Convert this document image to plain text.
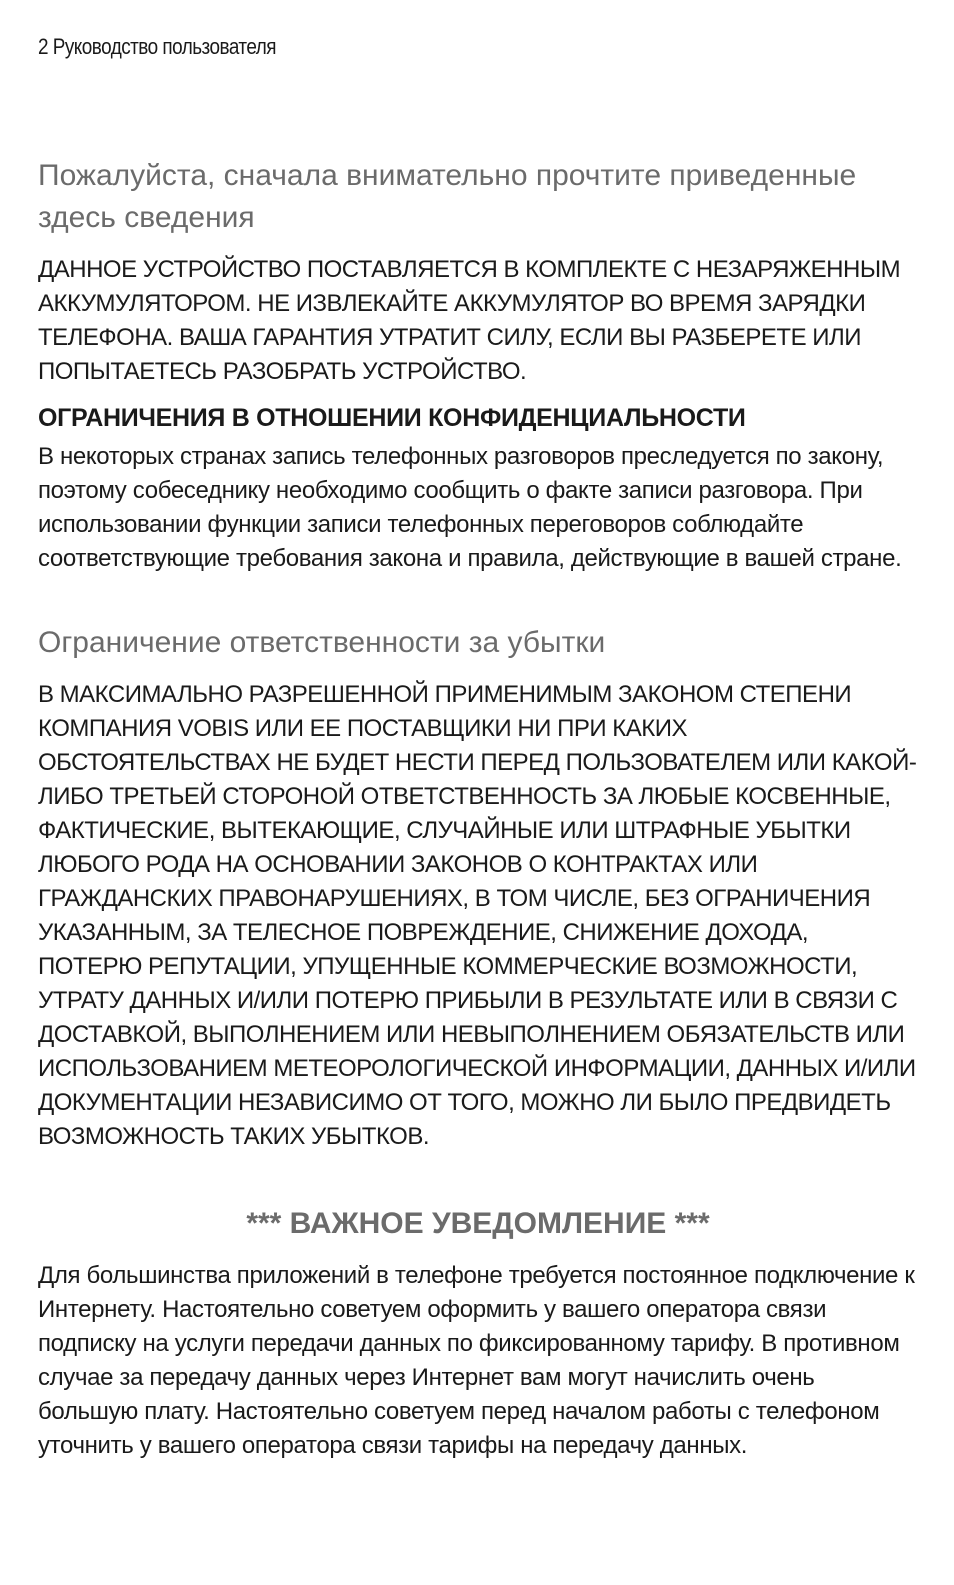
2 Руководство пользователя
Пожалуйста, сначала внимательно прочтите приведенные здесь сведения

ДАННОЕ УСТРОЙСТВО ПОСТАВЛЯЕТСЯ В КОМПЛЕКТЕ С НЕЗАРЯЖЕННЫМ АККУМУЛЯТОРОМ. НЕ ИЗВЛЕКАЙТЕ АККУМУЛЯТОР ВО ВРЕМЯ ЗАРЯДКИ ТЕЛЕФОНА. ВАША ГАРАНТИЯ УТРАТИТ СИЛУ, ЕСЛИ ВЫ РАЗБЕРЕТЕ ИЛИ ПОПЫТАЕТЕСЬ РАЗОБРАТЬ УСТРОЙСТВО.

ОГРАНИЧЕНИЯ В ОТНОШЕНИИ КОНФИДЕНЦИАЛЬНОСТИ

В некоторых странах запись телефонных разговоров преследуется по закону, поэтому собеседнику необходимо сообщить о факте записи разговора. При использовании функции записи телефонных переговоров соблюдайте соответствующие требования закона и правила, действующие в вашей стране.

Ограничение ответственности за убытки

В МАКСИМАЛЬНО РАЗРЕШЕННОЙ ПРИМЕНИМЫМ ЗАКОНОМ СТЕПЕНИ КОМПАНИЯ VOBIS ИЛИ ЕЕ ПОСТАВЩИКИ НИ ПРИ КАКИХ ОБСТОЯТЕЛЬСТВАХ НЕ БУДЕТ НЕСТИ ПЕРЕД ПОЛЬЗОВАТЕЛЕМ ИЛИ КАКОЙ-ЛИБО ТРЕТЬЕЙ СТОРОНОЙ ОТВЕТСТВЕННОСТЬ ЗА ЛЮБЫЕ КОСВЕННЫЕ, ФАКТИЧЕСКИЕ, ВЫТЕКАЮЩИЕ, СЛУЧАЙНЫЕ ИЛИ ШТРАФНЫЕ УБЫТКИ ЛЮБОГО РОДА НА ОСНОВАНИИ ЗАКОНОВ О КОНТРАКТАХ ИЛИ ГРАЖДАНСКИХ ПРАВОНАРУШЕНИЯХ, В ТОМ ЧИСЛЕ, БЕЗ ОГРАНИЧЕНИЯ УКАЗАННЫМ, ЗА ТЕЛЕСНОЕ ПОВРЕЖДЕНИЕ, СНИЖЕНИЕ ДОХОДА, ПОТЕРЮ РЕПУТАЦИИ, УПУЩЕННЫЕ КОММЕРЧЕСКИЕ ВОЗМОЖНОСТИ, УТРАТУ ДАННЫХ И/ИЛИ ПОТЕРЮ ПРИБЫЛИ В РЕЗУЛЬТАТЕ ИЛИ В СВЯЗИ С ДОСТАВКОЙ, ВЫПОЛНЕНИЕМ ИЛИ НЕВЫПОЛНЕНИЕМ ОБЯЗАТЕЛЬСТВ ИЛИ ИСПОЛЬЗОВАНИЕМ МЕТЕОРОЛОГИЧЕСКОЙ ИНФОРМАЦИИ, ДАННЫХ И/ИЛИ ДОКУМЕНТАЦИИ НЕЗАВИСИМО ОТ ТОГО, МОЖНО ЛИ БЫЛО ПРЕДВИДЕТЬ ВОЗМОЖНОСТЬ ТАКИХ УБЫТКОВ.

*** ВАЖНОЕ УВЕДОМЛЕНИЕ ***

Для большинства приложений в телефоне требуется постоянное подключение к Интернету. Настоятельно советуем оформить у вашего оператора связи подписку на услуги передачи данных по фиксированному тарифу. В противном случае за передачу данных через Интернет вам могут начислить очень большую плату. Настоятельно советуем перед началом работы с телефоном уточнить у вашего оператора связи тарифы на передачу данных.
